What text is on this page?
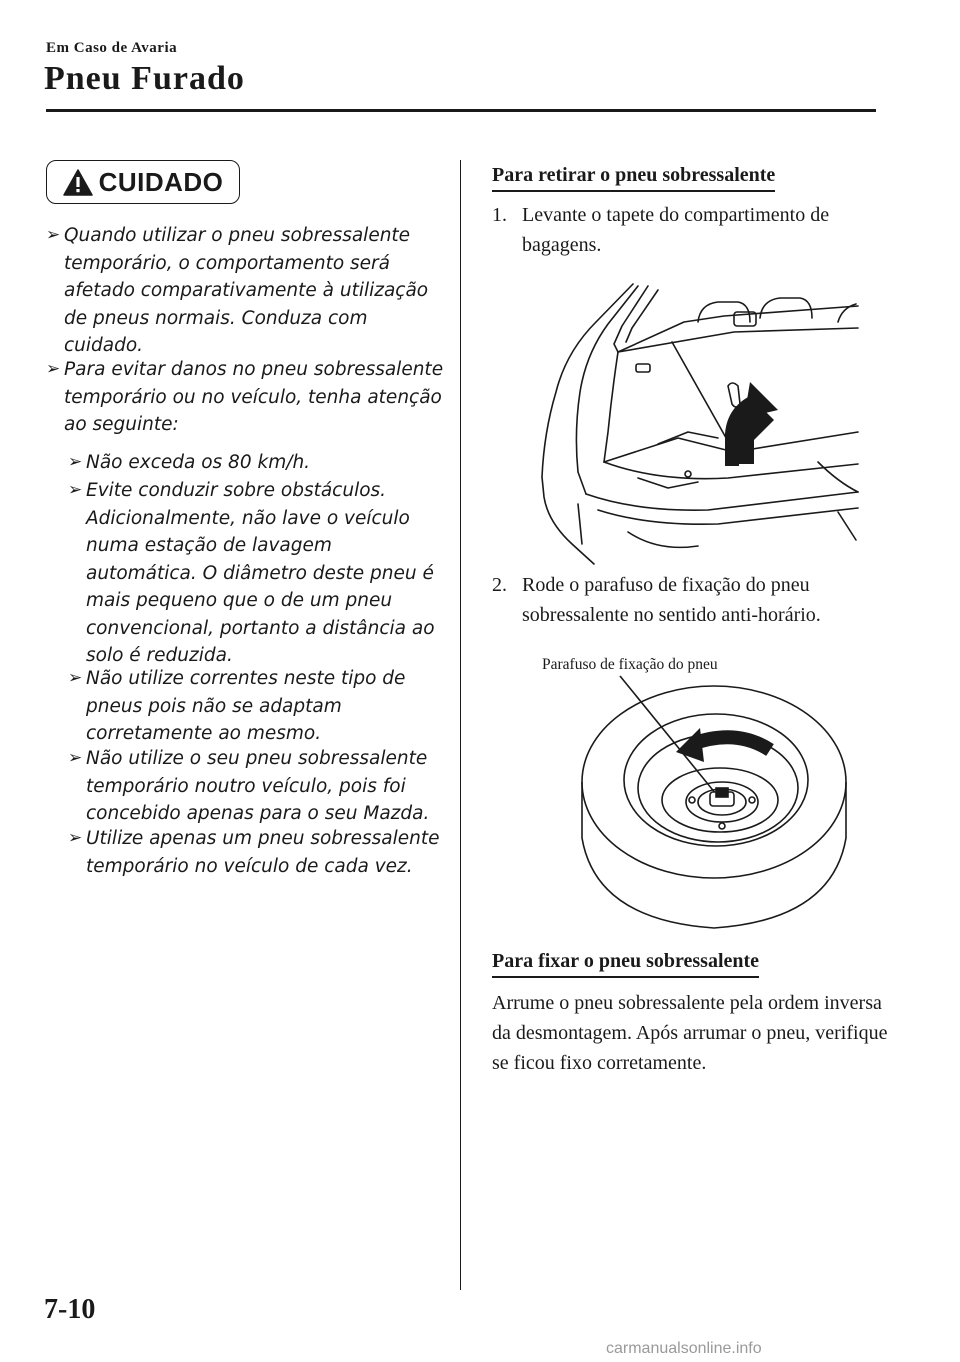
Em Caso de Avaria
Pneu Furado
CUIDADO
➢ Quando utilizar o pneu sobressalente temporário, o comportamento será afetado comparativamente à utilização de pneus normais. Conduza com cuidado.
➢ Para evitar danos no pneu sobressalente temporário ou no veículo, tenha atenção ao seguinte:
➢ Não exceda os 80 km/h.
➢ Evite conduzir sobre obstáculos. Adicionalmente, não lave o veículo numa estação de lavagem automática. O diâmetro deste pneu é mais pequeno que o de um pneu convencional, portanto a distância ao solo é reduzida.
➢ Não utilize correntes neste tipo de pneus pois não se adaptam corretamente ao mesmo.
➢ Não utilize o seu pneu sobressalente temporário noutro veículo, pois foi concebido apenas para o seu Mazda.
➢ Utilize apenas um pneu sobressalente temporário no veículo de cada vez.
Para retirar o pneu sobressalente
1. Levante o tapete do compartimento de bagagens.
2. Rode o parafuso de fixação do pneu sobressalente no sentido anti-horário.
Parafuso de fixação do pneu
Para fixar o pneu sobressalente
Arrume o pneu sobressalente pela ordem inversa da desmontagem. Após arrumar o pneu, verifique se ficou fixo corretamente.
7-10
carmanualsonline.info
